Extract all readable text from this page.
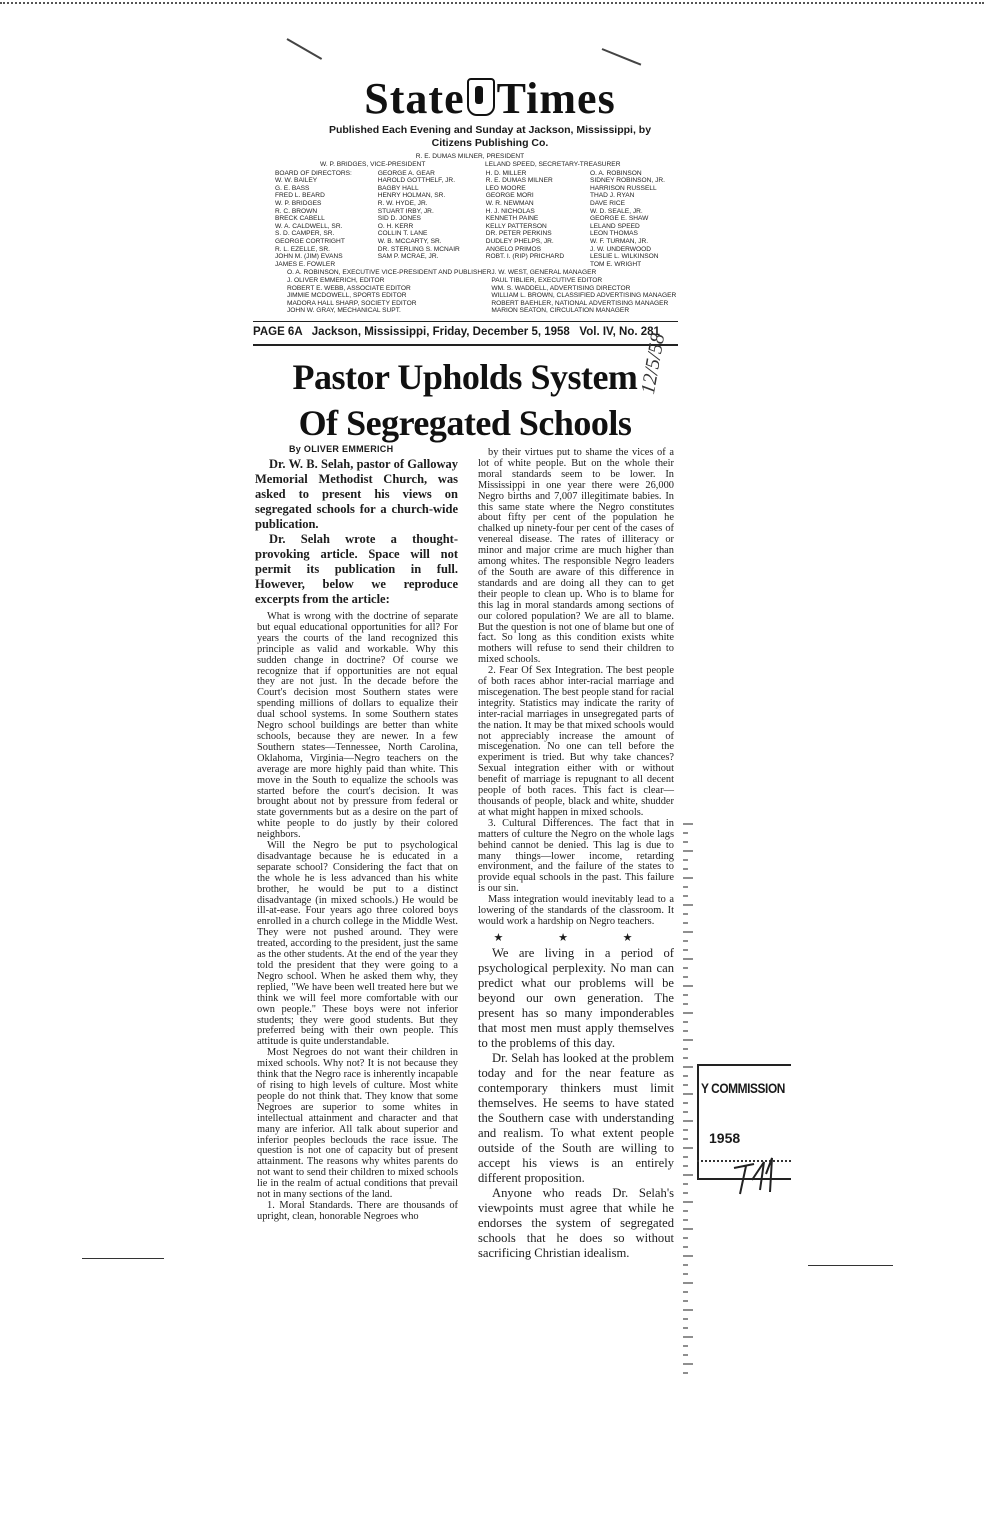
State Times
Published Each Evening and Sunday at Jackson, Mississippi, by
Citizens Publishing Co.
R. E. DUMAS MILNER, PRESIDENT
W. P. BRIDGES, VICE-PRESIDENT	LELAND SPEED, SECRETARY-TREASURER
BOARD OF DIRECTORS:
W. W. BAILEY
G. E. BASS
FRED L. BEARD
W. P. BRIDGES
R. C. BROWN
BRECK CABELL
W. A. CALDWELL, SR.
S. D. CAMPER, SR.
GEORGE CORTRIGHT
R. L. EZELLE, SR.
JOHN M. (JIM) EVANS
JAMES E. FOWLER
GEORGE A. GEAR
HAROLD GOTTHELF, JR.
BAGBY HALL
HENRY HOLMAN, SR.
R. W. HYDE, JR.
STUART IRBY, JR.
SID D. JONES
O. H. KERR
COLLIN T. LANE
W. B. MCCARTY, SR.
DR. STERLING S. MCNAIR
SAM P. MCRAE, JR.
H. D. MILLER
R. E. DUMAS MILNER
LEO MOORE
GEORGE MORI
W. R. NEWMAN
H. J. NICHOLAS
KENNETH PAINE
KELLY PATTERSON
DR. PETER PERKINS
DUDLEY PHELPS, JR.
ANGELO PRIMOS
ROBT. I. (RIP) PRICHARD
O. A. ROBINSON
SIDNEY ROBINSON, JR.
HARRISON RUSSELL
THAD J. RYAN
DAVE RICE
W. D. SEALE, JR.
GEORGE E. SHAW
LELAND SPEED
LEON THOMAS
W. F. TURMAN, JR.
J. W. UNDERWOOD
LESLIE L. WILKINSON
TOM E. WRIGHT
O. A. ROBINSON, EXECUTIVE VICE-PRESIDENT AND PUBLISHER
J. OLIVER EMMERICH, EDITOR
ROBERT E. WEBB, ASSOCIATE EDITOR
JIMMIE MCDOWELL, SPORTS EDITOR
MADORA HALL SHARP, SOCIETY EDITOR
JOHN W. GRAY, MECHANICAL SUPT.
J. W. WEST, GENERAL MANAGER
PAUL TIBLIER, EXECUTIVE EDITOR
WM. S. WADDELL, ADVERTISING DIRECTOR
WILLIAM L. BROWN, CLASSIFIED ADVERTISING MANAGER
ROBERT BAEHLER, NATIONAL ADVERTISING MANAGER
MARION SEATON, CIRCULATION MANAGER
PAGE 6A   Jackson, Mississippi, Friday, December 5, 1958   Vol. IV, No. 281
Pastor Upholds System
Of Segregated Schools
12/5/58
By OLIVER EMMERICH

Dr. W. B. Selah, pastor of Galloway Memorial Methodist Church, was asked to present his views on segregated schools for a church-wide publication.

Dr. Selah wrote a thought-provoking article. Space will not permit its publication in full. However, below we reproduce excerpts from the article:

What is wrong with the doctrine of separate but equal educational opportunities for all? For years the courts of the land recognized this principle as valid and workable. Why this sudden change in doctrine? Of course we recognize that if opportunities are not equal they are not just. In the decade before the Court's decision most Southern states were spending millions of dollars to equalize their dual school systems. In some Southern states Negro school buildings are better than white schools, because they are newer. In a few Southern states—Tennessee, North Carolina, Oklahoma, Virginia—Negro teachers on the average are more highly paid than white. This move in the South to equalize the schools was started before the court's decision. It was brought about not by pressure from federal or state governments but as a desire on the part of white people to do justly by their colored neighbors.

Will the Negro be put to psychological disadvantage because he is educated in a separate school? Considering the fact that on the whole he is less advanced than his white brother, he would be put to a distinct disadvantage (in mixed schools.) He would be ill-at-ease. Four years ago three colored boys enrolled in a church college in the Middle West. They were not pushed around. They were treated, according to the president, just the same as the other students. At the end of the year they told the president that they were going to a Negro school. When he asked them why, they replied, "We have been well treated here but we think we will feel more comfortable with our own people." These boys were not inferior students; they were good students. But they preferred being with their own people. This attitude is quite understandable.

Most Negroes do not want their children in mixed schools. Why not? It is not because they think that the Negro race is inherently incapable of rising to high levels of culture. Most white people do not think that. They know that some Negroes are superior to some whites in intellectual attainment and character and that many are inferior. All talk about superior and inferior peoples beclouds the race issue. The question is not one of capacity but of present attainment. The reasons why whites parents do not want to send their children to mixed schools lie in the realm of actual conditions that prevail not in many sections of the land.

1. Moral Standards. There are thousands of upright, clean, honorable Negroes who

by their virtues put to shame the vices of a lot of white people. But on the whole their moral standards seem to be lower. In Mississippi in one year there were 26,000 Negro births and 7,007 illegitimate babies. In this same state where the Negro constitutes about fifty per cent of the population he chalked up ninety-four per cent of the cases of venereal disease. The rates of illiteracy or minor and major crime are much higher than among whites. The responsible Negro leaders of the South are aware of this difference in standards and are doing all they can to get their people to clean up. Who is to blame for this lag in moral standards among sections of our colored population? We are all to blame. But the question is not one of blame but one of fact. So long as this condition exists white mothers will refuse to send their children to mixed schools.

2. Fear Of Sex Integration. The best people of both races abhor inter-racial marriage and miscegenation. The best people stand for racial integrity. Statistics may indicate the rarity of inter-racial marriages in unsegregated parts of the nation. It may be that mixed schools would not appreciably increase the amount of miscegenation. No one can tell before the experiment is tried. But why take chances? Sexual integration either with or without benefit of marriage is repugnant to all decent people of both races. This fact is clear—thousands of people, black and white, shudder at what might happen in mixed schools.

3. Cultural Differences. The fact that in matters of culture the Negro on the whole lags behind cannot be denied. This lag is due to many things—lower income, retarding environment, and the failure of the states to provide equal schools in the past. This failure is our sin.

Mass integration would inevitably lead to a lowering of the standards of the classroom. It would work a hardship on Negro teachers.

★ ★ ★

We are living in a period of psychological perplexity. No man can predict what our problems will be beyond our own generation. The present has so many imponderables that most men must apply themselves to the problems of this day.

Dr. Selah has looked at the problem today and for the near feature as contemporary thinkers must limit themselves. He seems to have stated the Southern case with understanding and realism. To what extent people outside of the South are willing to accept his views is an entirely different proposition.

Anyone who reads Dr. Selah's viewpoints must agree that while he endorses the system of segregated schools that he does so without sacrificing Christian idealism.

Y COMMISSION
1958
